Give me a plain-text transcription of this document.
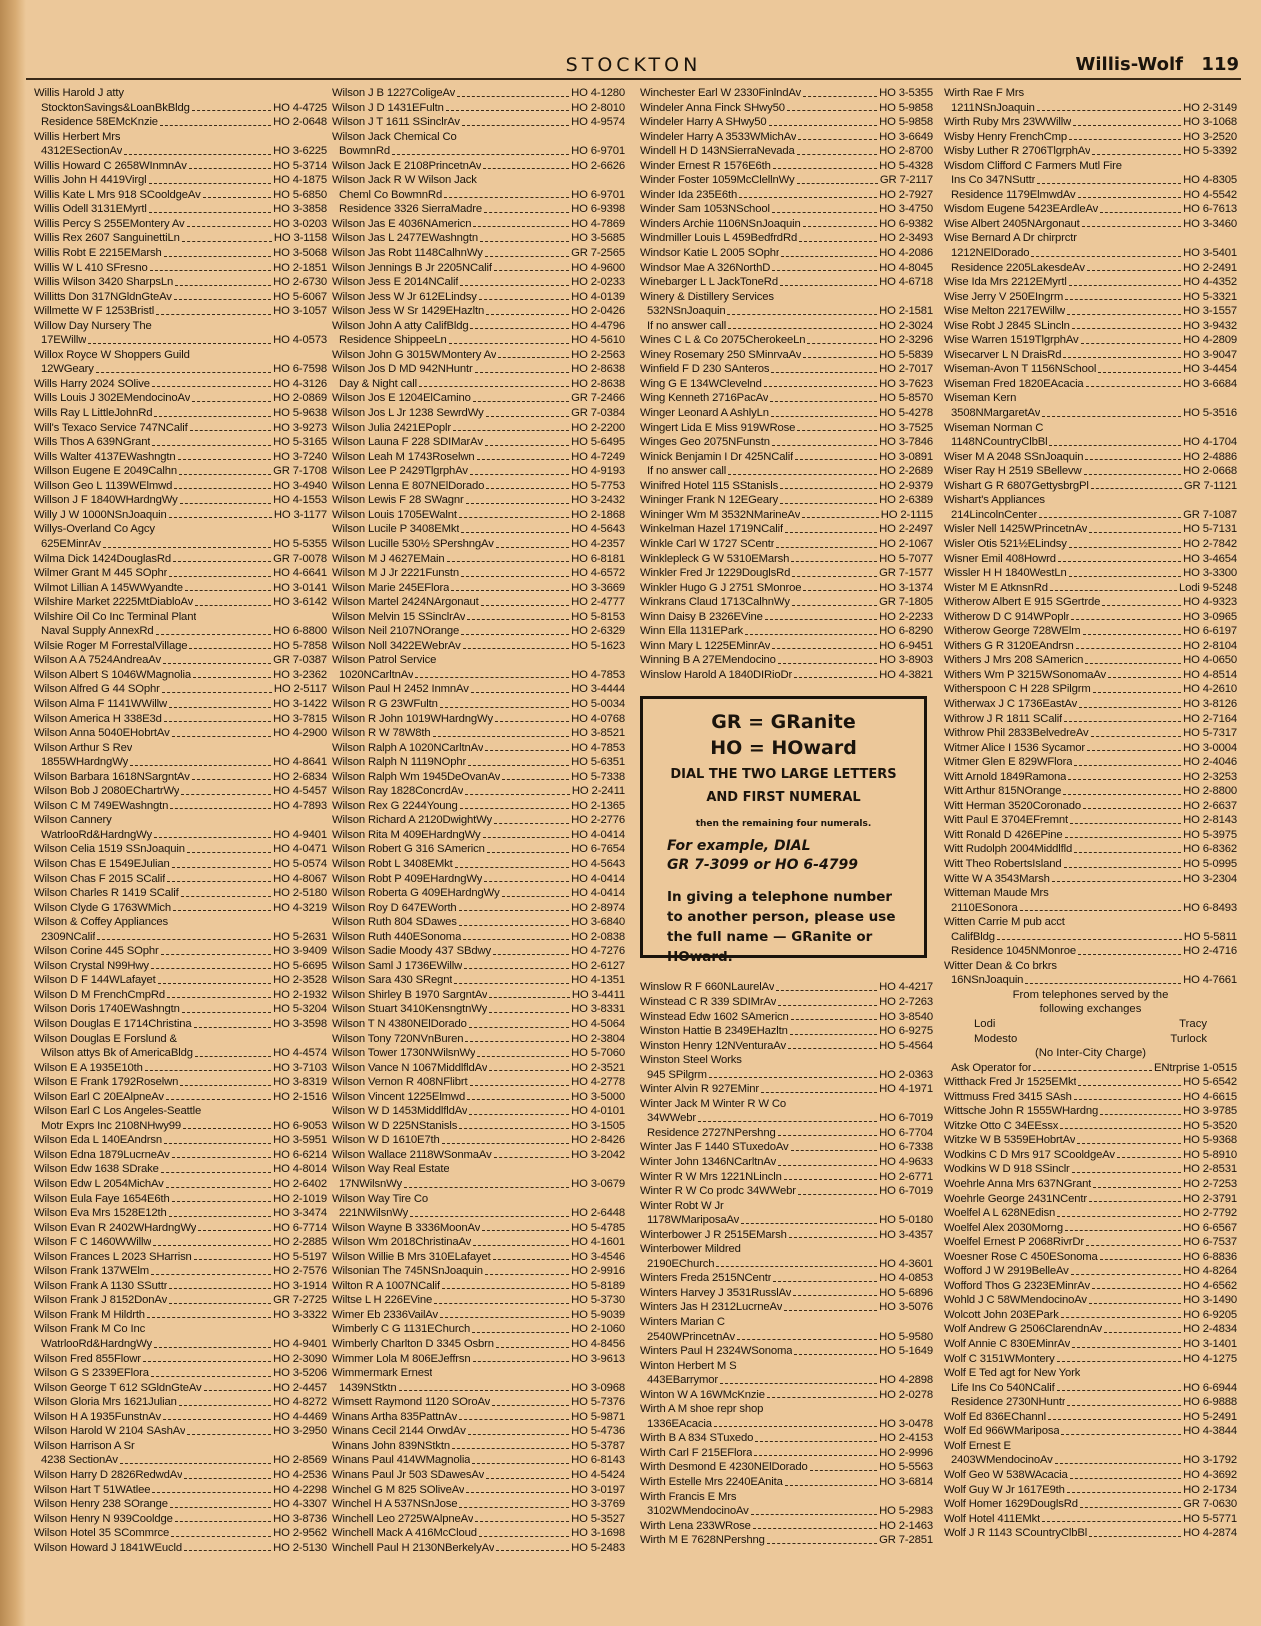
STOCKTON	Willis-Wolf 119
Willis Harold J atty
StocktonSavings&LoanBkBldg	HO 4-4725
Residence 58EMcKnzie	HO 2-0648
Willis Herbert Mrs
4312ESectionAv	HO 3-6225
Willis Howard C 2658WInmnAv	HO 5-3714
Willis John H 4419Virgl	HO 4-1875
Willis Kate L Mrs 918 SCooldgeAv	HO 5-6850
Willis Odell 3131EMyrtl	HO 3-3858
Willis Percy S 255EMontery Av	HO 3-0203
Willis Rex 2607 SanguinettiLn	HO 3-1158
Willis Robt E 2215EMarsh	HO 3-5068
Willis W L 410 SFresno	HO 2-1851
Willis Wilson 3420 SharpsLn	HO 2-6730
Willitts Don 317NGldnGteAv	HO 5-6067
Willmette W F 1253Bristl	HO 3-1057
Willow Day Nursery The
17EWillw	HO 4-0573
Willox Royce W Shoppers Guild
12WGeary	HO 6-7598
Wills Harry 2024 SOlive	HO 4-3126
Wills Louis J 302EMendocinoAv	HO 2-0869
Wills Ray L LittleJohnRd	HO 5-9638
Will's Texaco Service 747NCalif	HO 3-9273
Wills Thos A 639NGrant	HO 5-3165
Wills Walter 4137EWashngtn	HO 3-7240
Willson Eugene E 2049Calhn	GR 7-1708
Willson Geo L 1139WElmwd	HO 3-4940
Willson J F 1840WHardngWy	HO 4-1553
Willy J W 1000NSnJoaquin	HO 3-1177
Willys-Overland Co Agcy
625EMinrAv	HO 5-5355
Wilma Dick 1424DouglasRd	GR 7-0078
Wilmer Grant M 445 SOphr	HO 4-6641
Wilmot Lillian A 145WWyandte	HO 3-0141
Wilshire Market 2225MtDiabloAv	HO 3-6142
Wilshire Oil Co Inc Terminal Plant
Naval Supply AnnexRd	HO 6-8800
Wilsie Roger M ForrestalVillage	HO 5-7858
Wilson A A 7524AndreaAv	GR 7-0387
Wilson Albert S 1046WMagnolia	HO 3-2362
Wilson Alfred G 44 SOphr	HO 2-5117
Wilson Alma F 1141WWillw	HO 3-1422
Wilson America H 338E3d	HO 3-7815
Wilson Anna 5040EHobrtAv	HO 4-2900
Wilson Arthur S Rev
1855WHardngWy	HO 4-8641
Wilson Barbara 1618NSargntAv	HO 2-6834
Wilson Bob J 2080EChartrWy	HO 4-5457
Wilson C M 749EWashngtn	HO 4-7893
Wilson Cannery
WatrlooRd&HardngWy	HO 4-9401
Wilson Celia 1519 SSnJoaquin	HO 4-0471
Wilson Chas E 1549EJulian	HO 5-0574
Wilson Chas F 2015 SCalif	HO 4-8067
Wilson Charles R 1419 SCalif	HO 2-5180
Wilson Clyde G 1763WMich	HO 4-3219
Wilson & Coffey Appliances
2309NCalif	HO 5-2631
Wilson Corine 445 SOphr	HO 3-9409
Wilson Crystal N99Hwy	HO 5-6695
Wilson D F 144WLafayet	HO 2-3528
Wilson D M FrenchCmpRd	HO 2-1932
Wilson Doris 1740EWashngtn	HO 5-3204
Wilson Douglas E 1714Christina	HO 3-3598
Wilson Douglas E Forslund &
Wilson attys Bk of AmericaBldg	HO 4-4574
Wilson E A 1935E10th	HO 3-7103
Wilson E Frank 1792Roselwn	HO 3-8319
Wilson Earl C 20EAlpneAv	HO 2-1516
Wilson Earl C Los Angeles-Seattle
Motr Exprs Inc 2108NHwy99	HO 6-9053
Wilson Eda L 140EAndrsn	HO 3-5951
Wilson Edna 1879LucrneAv	HO 6-6214
Wilson Edw 1638 SDrake	HO 4-8014
Wilson Edw L 2054MichAv	HO 2-6402
Wilson Eula Faye 1654E6th	HO 2-1019
Wilson Eva Mrs 1528E12th	HO 3-3474
Wilson Evan R 2402WHardngWy	HO 6-7714
Wilson F C 1460WWillw	HO 2-2885
Wilson Frances L 2023 SHarrisn	HO 5-5197
Wilson Frank 137WElm	HO 2-7576
Wilson Frank A 1130 SSuttr	HO 3-1914
Wilson Frank J 8152DonAv	GR 7-2725
Wilson Frank M Hildrth	HO 3-3322
Wilson Frank M Co Inc
WatrlooRd&HardngWy	HO 4-9401
Wilson Fred 855Flowr	HO 2-3090
Wilson G S 2339EFlora	HO 3-5206
Wilson George T 612 SGldnGteAv	HO 2-4457
Wilson Gloria Mrs 1621Julian	HO 4-8272
Wilson H A 1935FunstnAv	HO 4-4469
Wilson Harold W 2104 SAshAv	HO 3-2950
Wilson Harrison A Sr
4238 SectionAv	HO 2-8569
Wilson Harry D 2826RedwdAv	HO 4-2536
Wilson Hart T 51WAtlee	HO 4-2298
Wilson Henry 238 SOrange	HO 4-3307
Wilson Henry N 939Cooldge	HO 3-8736
Wilson Hotel 35 SCommrce	HO 2-9562
Wilson Howard J 1841WEucld	HO 2-5130
Wilson J B 1227ColigeAv	HO 4-1280
Wilson J D 1431EFultn	HO 2-8010
Wilson J T 1611 SSinclrAv	HO 4-9574
Wilson Jack Chemical Co
BowmnRd	HO 6-9701
Wilson Jack E 2108PrincetnAv	HO 2-6626
Wilson Jack R W Wilson Jack
Cheml Co BowmnRd	HO 6-9701
Residence 3326 SierraMadre	HO 6-9398
Wilson Jas E 4036NAmericn	HO 4-7869
Wilson Jas L 2477EWashngtn	HO 3-5685
Wilson Jas Robt 1148CalhnWy	GR 7-2565
Wilson Jennings B Jr 2205NCalif	HO 4-9600
Wilson Jess E 2014NCalif	HO 2-0233
Wilson Jess W Jr 612ELindsy	HO 4-0139
Wilson Jess W Sr 1429EHazltn	HO 2-0426
Wilson John A atty CalifBldg	HO 4-4796
Residence ShippeeLn	HO 4-5610
Wilson John G 3015WMontery Av	HO 2-2563
Wilson Jos D MD 942NHuntr	HO 2-8638
Day & Night call	HO 2-8638
Wilson Jos E 1204ElCamino	GR 7-2466
Wilson Jos L Jr 1238 SewrdWy	GR 7-0384
Wilson Julia 2421EPoplr	HO 2-2200
Wilson Launa F 228 SDIMarAv	HO 5-6495
Wilson Leah M 1743Roselwn	HO 4-7249
Wilson Lee P 2429TlgrphAv	HO 4-9193
Wilson Lenna E 807NElDorado	HO 5-7753
Wilson Lewis F 28 SWagnr	HO 3-2432
Wilson Louis 1705EWalnt	HO 2-1868
Wilson Lucile P 3408EMkt	HO 4-5643
Wilson Lucille 530½ SPershngAv	HO 4-2357
Wilson M J 4627EMain	HO 6-8181
Wilson M J Jr 2221Funstn	HO 4-6572
Wilson Marie 245EFlora	HO 3-3669
Wilson Martel 2424NArgonaut	HO 2-4777
Wilson Melvin 15 SSinclrAv	HO 5-8153
Wilson Neil 2107NOrange	HO 2-6329
Wilson Noll 3422EWebrAv	HO 5-1623
Wilson Patrol Service
1020NCarltnAv	HO 4-7853
Wilson Paul H 2452 InmnAv	HO 3-4444
Wilson R G 23WFultn	HO 5-0034
Wilson R John 1019WHardngWy	HO 4-0768
Wilson R W 78W8th	HO 3-8521
Wilson Ralph A 1020NCarltnAv	HO 4-7853
Wilson Ralph N 1119NOphr	HO 5-6351
Wilson Ralph Wm 1945DeOvanAv	HO 5-7338
Wilson Ray 1828ConcrdAv	HO 2-2411
Wilson Rex G 2244Young	HO 2-1365
Wilson Richard A 2120DwightWy	HO 2-2776
Wilson Rita M 409EHardngWy	HO 4-0414
Wilson Robert G 316 SAmericn	HO 6-7654
Wilson Robt L 3408EMkt	HO 4-5643
Wilson Robt P 409EHardngWy	HO 4-0414
Wilson Roberta G 409EHardngWy	HO 4-0414
Wilson Roy D 647EWorth	HO 2-8974
Wilson Ruth 804 SDawes	HO 3-6840
Wilson Ruth 440ESonoma	HO 2-0838
Wilson Sadie Moody 437 SBdwy	HO 4-7276
Wilson Saml J 1736EWillw	HO 2-6127
Wilson Sara 430 SRegnt	HO 4-1351
Wilson Shirley B 1970 SargntAv	HO 3-4411
Wilson Stuart 3410KensngtnWy	HO 3-8331
Wilson T N 4380NElDorado	HO 4-5064
Wilson Tony 720NVnBuren	HO 2-3804
Wilson Tower 1730NWilsnWy	HO 5-7060
Wilson Vance N 1067MiddlfldAv	HO 2-3521
Wilson Vernon R 408NFlibrt	HO 4-2778
Wilson Vincent 1225Elmwd	HO 3-5000
Wilson W D 1453MiddlfldAv	HO 4-0101
Wilson W D 225NStanisls	HO 3-1505
Wilson W D 1610E7th	HO 2-8426
Wilson Wallace 2118WSonmaAv	HO 3-2042
Wilson Way Real Estate
17NWilsnWy	HO 3-0679
Wilson Way Tire Co
221NWilsnWy	HO 2-6448
Wilson Wayne B 3336MoonAv	HO 5-4785
Wilson Wm 2018ChristinaAv	HO 4-1601
Wilson Willie B Mrs 310ELafayet	HO 3-4546
Wilsonian The 745NSnJoaquin	HO 2-9916
Wilton R A 1007NCalif	HO 5-8189
Wiltse L H 226EVine	HO 5-3730
Wimer Eb 2336VailAv	HO 5-9039
Wimberly C G 1131EChurch	HO 2-1060
Wimberly Charlton D 3345 Osbrn	HO 4-8456
Wimmer Lola M 806EJeffrsn	HO 3-9613
Wimmermark Ernest
1439NStktn	HO 3-0968
Wimsett Raymond 1120 SOroAv	HO 5-7376
Winans Artha 835PattnAv	HO 5-9871
Winans Cecil 2144 OrwdAv	HO 5-4736
Winans John 839NStktn	HO 5-3787
Winans Paul 414WMagnolia	HO 6-8143
Winans Paul Jr 503 SDawesAv	HO 4-5424
Winchel G M 825 SOliveAv	HO 3-0197
Winchel H A 537NSnJose	HO 3-3769
Winchell Leo 2725WAlpneAv	HO 5-3527
Winchell Mack A 416McCloud	HO 3-1698
Winchell Paul H 2130NBerkelyAv	HO 5-2483
Winchester Earl W 2330FinlndAv	HO 3-5355
Windeler Anna Finck SHwy50	HO 5-9858
Windeler Harry A SHwy50	HO 5-9858
Windeler Harry A 3533WMichAv	HO 3-6649
Windell H D 143NSierraNevada	HO 2-8700
Winder Ernest R 1576E6th	HO 5-4328
Winder Foster 1059McClellnWy	GR 7-2117
Winder Ida 235E6th	HO 2-7927
Winder Sam 1053NSchool	HO 3-4750
Winders Archie 1106NSnJoaquin	HO 6-9382
Windmiller Louis L 459BedfrdRd	HO 2-3493
Windsor Katie L 2005 SOphr	HO 4-2086
Windsor Mae A 326NorthD	HO 4-8045
Winebarger L L JackToneRd	HO 4-6718
Winery & Distillery Services
532NSnJoaquin	HO 2-1581
If no answer call	HO 2-3024
Wines C L & Co 2075CherokeeLn	HO 2-3296
Winey Rosemary 250 SMinrvaAv	HO 5-5839
Winfield F D 230 SAnteros	HO 2-7017
Wing G E 134WClevelnd	HO 3-7623
Wing Kenneth 2716PacAv	HO 5-8570
Winger Leonard A AshlyLn	HO 5-4278
Wingert Lida E Miss 919WRose	HO 3-7525
Winges Geo 2075NFunstn	HO 3-7846
Winick Benjamin I Dr 425NCalif	HO 3-0891
If no answer call	HO 2-2689
Winifred Hotel 115 SStanisls	HO 2-9379
Wininger Frank N 12EGeary	HO 2-6389
Wininger Wm M 3532NMarineAv	HO 2-1115
Winkelman Hazel 1719NCalif	HO 2-2497
Winkle Carl W 1727 SCentr	HO 2-1067
Winklepleck G W 5310EMarsh	HO 5-7077
Winkler Fred Jr 1229DouglsRd	GR 7-1577
Winkler Hugo G J 2751 SMonroe	HO 3-1374
Winkrans Claud 1713CalhnWy	GR 7-1805
Winn Daisy B 2326EVine	HO 2-2233
Winn Ella 1131EPark	HO 6-8290
Winn Mary L 1225EMinrAv	HO 6-9451
Winning B A 27EMendocino	HO 3-8903
Winslow Harold A 1840DIRioDr	HO 4-3821
GR = GRanite
HO = HOward
DIAL THE TWO LARGE LETTERS
AND FIRST NUMERAL
then the remaining four numerals.
For example, DIAL
GR 7-3099 or HO 6-4799
In giving a telephone number
to another person, please use
the full name — GRanite or
HOward.
Winslow R F 660NLaurelAv	HO 4-4217
Winstead C R 339 SDIMrAv	HO 2-7263
Winstead Edw 1602 SAmericn	HO 3-8540
Winston Hattie B 2349EHazltn	HO 6-9275
Winston Henry 12NVenturaAv	HO 5-4564
Winston Steel Works
945 SPilgrm	HO 2-0363
Winter Alvin R 927EMinr	HO 4-1971
Winter Jack M Winter R W Co
34WWebr	HO 6-7019
Residence 2727NPershng	HO 6-7704
Winter Jas F 1440 STuxedoAv	HO 6-7338
Winter John 1346NCarltnAv	HO 4-9633
Winter R W Mrs 1221NLincln	HO 2-6771
Winter R W Co prodc 34WWebr	HO 6-7019
Winter Robt W Jr
1178WMariposaAv	HO 5-0180
Winterbower J R 2515EMarsh	HO 3-4357
Winterbower Mildred
2190EChurch	HO 4-3601
Winters Freda 2515NCentr	HO 4-0853
Winters Harvey J 3531RusslAv	HO 5-6896
Winters Jas H 2312LucrneAv	HO 3-5076
Winters Marian C
2540WPrincetnAv	HO 5-9580
Winters Paul H 2324WSonoma	HO 5-1649
Winton Herbert M S
443EBarrymor	HO 4-2898
Winton W A 16WMcKnzie	HO 2-0278
Wirth A M shoe repr shop
1336EAcacia	HO 3-0478
Wirth B A 834 STuxedo	HO 2-4153
Wirth Carl F 215EFlora	HO 2-9996
Wirth Desmond E 4230NElDorado	HO 5-5563
Wirth Estelle Mrs 2240EAnita	HO 3-6814
Wirth Francis E Mrs
3102WMendocinoAv	HO 5-2983
Wirth Lena 233WRose	HO 2-1463
Wirth M E 7628NPershng	GR 7-2851
Wirth Rae F Mrs
1211NSnJoaquin	HO 2-3149
Wirth Ruby Mrs 23WWillw	HO 3-1068
Wisby Henry FrenchCmp	HO 3-2520
Wisby Luther R 2706TlgrphAv	HO 5-3392
Wisdom Clifford C Farmers Mutl Fire
Ins Co 347NSuttr	HO 4-8305
Residence 1179ElmwdAv	HO 4-5542
Wisdom Eugene 5423EArdleAv	HO 6-7613
Wise Albert 2405NArgonaut	HO 3-3460
Wise Bernard A Dr chirprctr
1212NElDorado	HO 3-5401
Residence 2205LakesdeAv	HO 2-2491
Wise Ida Mrs 2212EMyrtl	HO 4-4352
Wise Jerry V 250EIngrm	HO 5-3321
Wise Melton 2217EWillw	HO 3-1557
Wise Robt J 2845 SLincln	HO 3-9432
Wise Warren 1519TlgrphAv	HO 4-2809
Wisecarver L N DraisRd	HO 3-9047
Wiseman-Avon T 1156NSchool	HO 3-4454
Wiseman Fred 1820EAcacia	HO 3-6684
Wiseman Kern
3508NMargaretAv	HO 5-3516
Wiseman Norman C
1148NCountryClbBl	HO 4-1704
Wiser M A 2048 SSnJoaquin	HO 2-4886
Wiser Ray H 2519 SBellevw	HO 2-0668
Wishart G R 6807GettysbrgPl	GR 7-1121
Wishart's Appliances
214LincolnCenter	GR 7-1087
Wisler Nell 1425WPrincetnAv	HO 5-7131
Wisler Otis 521½ELindsy	HO 2-7842
Wisner Emil 408Howrd	HO 3-4654
Wissler H H 1840WestLn	HO 3-3300
Wister M E AtknsnRd	Lodi 9-5248
Witherow Albert E 915 SGertrde	HO 4-9323
Witherow D C 914WPoplr	HO 3-0965
Witherow George 728WElm	HO 6-6197
Withers G R 3120EAndrsn	HO 2-8104
Withers J Mrs 208 SAmericn	HO 4-0650
Withers Wm P 3215WSonomaAv	HO 4-8514
Witherspoon C H 228 SPilgrm	HO 4-2610
Witherwax J C 1736EastAv	HO 3-8126
Withrow J R 1811 SCalif	HO 2-7164
Withrow Phil 2833BelvedreAv	HO 5-7317
Witmer Alice I 1536 Sycamor	HO 3-0004
Witmer Glen E 829WFlora	HO 2-4046
Witt Arnold 1849Ramona	HO 2-3253
Witt Arthur 815NOrange	HO 2-8800
Witt Herman 3520Coronado	HO 2-6637
Witt Paul E 3704EFremnt	HO 2-8143
Witt Ronald D 426EPine	HO 5-3975
Witt Rudolph 2004Middlfld	HO 6-8362
Witt Theo RobertsIsland	HO 5-0995
Witte W A 3543Marsh	HO 3-2304
Witteman Maude Mrs
2110ESonora	HO 6-8493
Witten Carrie M pub acct
CalifBldg	HO 5-5811
Residence 1045NMonroe	HO 2-4716
Witter Dean & Co brkrs
16NSnJoaquin	HO 4-7661
From telephones served by the
following exchanges
Lodi	Tracy
Modesto	Turlock
(No Inter-City Charge)
Ask Operator for	ENtrprise 1-0515
Witthack Fred Jr 1525EMkt	HO 5-6542
Wittmuss Fred 3415 SAsh	HO 4-6615
Wittsche John R 1555WHardng	HO 3-9785
Witzke Otto C 34EEssx	HO 5-3520
Witzke W B 5359EHobrtAv	HO 5-9368
Wodkins C D Mrs 917 SCooldgeAv	HO 5-8910
Wodkins W D 918 SSinclr	HO 2-8531
Woehrle Anna Mrs 637NGrant	HO 2-7253
Woehrle George 2431NCentr	HO 2-3791
Woelfel A L 628NEdisn	HO 2-7792
Woelfel Alex 2030Morng	HO 6-6567
Woelfel Ernest P 2068RivrDr	HO 6-7537
Woesner Rose C 450ESonoma	HO 6-8836
Wofford J W 2919BelleAv	HO 4-8264
Wofford Thos G 2323EMinrAv	HO 4-6562
Wohld J C 58WMendocinoAv	HO 3-1490
Wolcott John 203EPark	HO 6-9205
Wolf Andrew G 2506ClarendnAv	HO 2-4834
Wolf Annie C 830EMinrAv	HO 3-1401
Wolf C 3151WMontery	HO 4-1275
Wolf E Ted agt for New York
Life Ins Co 540NCalif	HO 6-6944
Residence 2730NHuntr	HO 6-9888
Wolf Ed 836EChannl	HO 5-2491
Wolf Ed 966WMariposa	HO 4-3844
Wolf Ernest E
2403WMendocinoAv	HO 3-1792
Wolf Geo W 538WAcacia	HO 4-3692
Wolf Guy W Jr 1617E9th	HO 2-1734
Wolf Homer 1629DouglsRd	GR 7-0630
Wolf Hotel 411EMkt	HO 5-5771
Wolf J R 1143 SCountryClbBl	HO 4-2874
